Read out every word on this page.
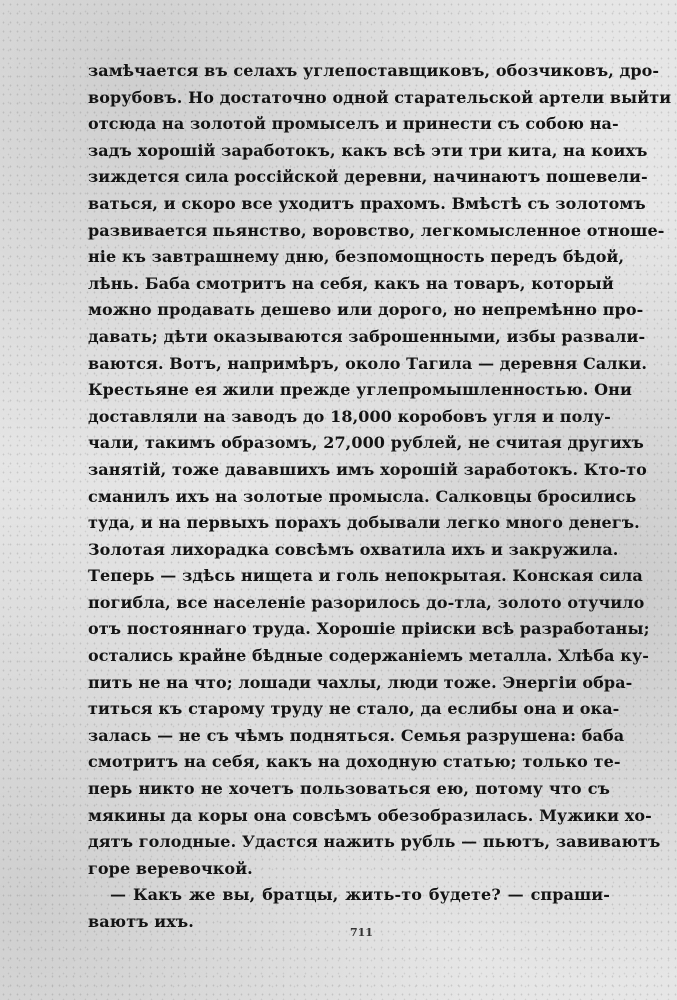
замѣчается въ селахъ углепоставщиковъ, обозчиковъ, дро-
ворубовъ. Но достаточно одной старательской артели выйти
отсюда на золотой промыселъ и принести съ собою на-
задъ хорошій заработокъ, какъ всѣ эти три кита, на коихъ
зиждется сила россійской деревни, начинаютъ пошевели-
ваться, и скоро все уходитъ прахомъ. Вмѣстѣ съ золотомъ
развивается пьянство, воровство, легкомысленное отноше-
ніе къ завтрашнему дню, безпомощность передъ бѣдой,
лѣнь. Баба смотритъ на себя, какъ на товаръ, который
можно продавать дешево или дорого, но непремѣнно про-
давать; дѣти оказываются заброшенными, избы развали-
ваются. Вотъ, напримѣръ, около Тагила — деревня Салки.
Крестьяне ея жили прежде углепромышленностью. Они
доставляли на заводъ до 18,000 коробовъ угля и полу-
чали, такимъ образомъ, 27,000 рублей, не считая другихъ
занятій, тоже дававшихъ имъ хорошій заработокъ. Кто-то
сманилъ ихъ на золотые промысла. Салковцы бросились
туда, и на первыхъ порахъ добывали легко много денегъ.
Золотая лихорадка совсѣмъ охватила ихъ и закружила.
Теперь — здѣсь нищета и голь непокрытая. Конская сила
погибла, все населеніе разорилось до-тла, золото отучило
отъ постояннаго труда. Хорошіе пріиски всѣ разработаны;
остались крайне бѣдные содержаніемъ металла. Хлѣба ку-
пить не на что; лошади чахлы, люди тоже. Энергіи обра-
титься къ старому труду не стало, да еслибы она и ока-
залась — не съ чѣмъ подняться. Семья разрушена: баба
смотритъ на себя, какъ на доходную статью; только те-
перь никто не хочетъ пользоваться ею, потому что съ
мякины да коры она совсѣмъ обезобразилась. Мужики хо-
дятъ голодные. Удастся нажить рубль — пьютъ, завиваютъ
горе веревочкой.
— Какъ же вы, братцы, жить-то будете? — спраши-
ваютъ ихъ.
711
